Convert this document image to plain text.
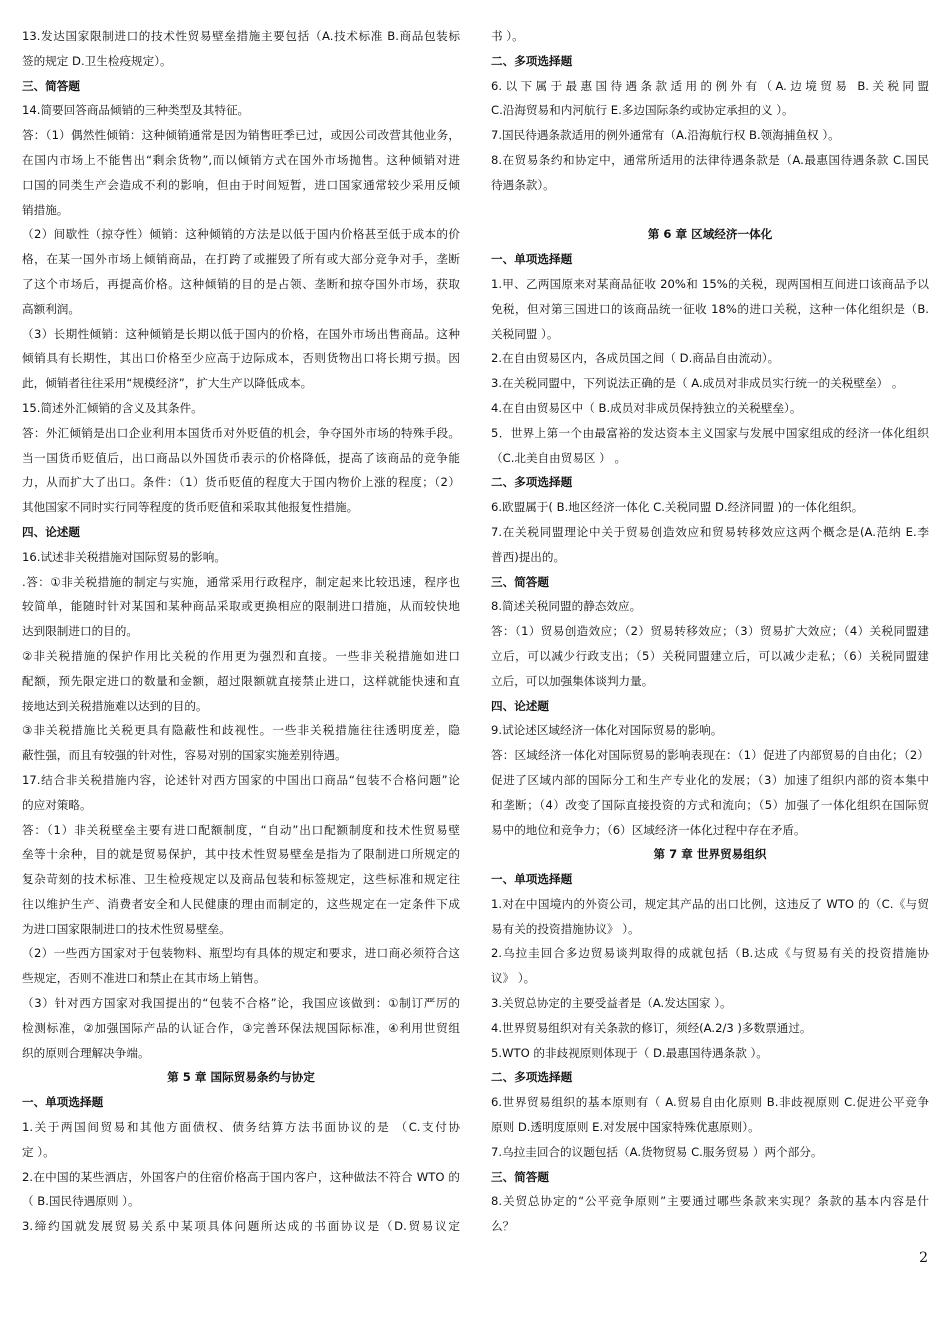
13.发达国家限制进口的技术性贸易壁垒措施主要包括（A.技术标准 B.商品包装标
签的规定 D.卫生检疫规定）。
三、简答题
14.简要回答商品倾销的三种类型及其特征。
答：（1）偶然性倾销：这种倾销通常是因为销售旺季已过，或因公司改营其他业务，
在国内市场上不能售出“剩余货物”,而以倾销方式在国外市场抛售。这种倾销对进
口国的同类生产会造成不利的影响，但由于时间短暂，进口国家通常较少采用反倾
销措施。
（2）间歇性（掠夺性）倾销：这种倾销的方法是以低于国内价格甚至低于成本的价
格，在某一国外市场上倾销商品，在打跨了或摧毁了所有或大部分竞争对手，垄断
了这个市场后，再提高价格。这种倾销的目的是占领、垄断和掠夺国外市场，获取
高额利润。
（3）长期性倾销：这种倾销是长期以低于国内的价格，在国外市场出售商品。这种
倾销具有长期性，其出口价格至少应高于边际成本，否则货物出口将长期亏损。因
此，倾销者往往采用“规模经济”，扩大生产以降低成本。
15.简述外汇倾销的含义及其条件。
答：外汇倾销是出口企业利用本国货币对外贬值的机会，争夺国外市场的特殊手段。
当一国货币贬值后，出口商品以外国货币表示的价格降低，提高了该商品的竞争能
力，从而扩大了出口。条件：（1）货币贬值的程度大于国内物价上涨的程度；（2）
其他国家不同时实行同等程度的货币贬值和采取其他报复性措施。
四、论述题
16.试述非关税措施对国际贸易的影响。
.答：①非关税措施的制定与实施，通常采用行政程序，制定起来比较迅速，程序也
较简单，能随时针对某国和某种商品采取或更换相应的限制进口措施，从而较快地
达到限制进口的目的。
②非关税措施的保护作用比关税的作用更为强烈和直接。一些非关税措施如进口
配额，预先限定进口的数量和金额，超过限额就直接禁止进口，这样就能快速和直
接地达到关税措施难以达到的目的。
③非关税措施比关税更具有隐蔽性和歧视性。一些非关税措施往往透明度差，隐
蔽性强，而且有较强的针对性，容易对别的国家实施差别待遇。
17.结合非关税措施内容，论述针对西方国家的中国出口商品“包装不合格问题”论
的应对策略。
答：（1）非关税壁垒主要有进口配额制度，“自动”出口配额制度和技术性贸易壁
垒等十余种，目的就是贸易保护，其中技术性贸易壁垒是指为了限制进口所规定的
复杂苛刻的技术标准、卫生检疫规定以及商品包装和标签规定，这些标准和规定往
往以维护生产、消费者安全和人民健康的理由而制定的，这些规定在一定条件下成
为进口国家限制进口的技术性贸易壁垒。
（2）一些西方国家对于包装物料、瓶型均有具体的规定和要求，进口商必须符合这
些规定，否则不准进口和禁止在其市场上销售。
（3）针对西方国家对我国提出的“包装不合格”论，我国应该做到：①制订严厉的
检测标准，②加强国际产品的认证合作，③完善环保法规国际标准，④利用世贸组
织的原则合理解决争端。
第 5 章 国际贸易条约与协定
一、单项选择题
1.关于两国间贸易和其他方面债权、债务结算方法书面协议的是 （C.支付协
定 ）。
2.在中国的某些酒店，外国客户的住宿价格高于国内客户，这种做法不符合 WTO 的
（ B.国民待遇原则 ）。
3.缔约国就发展贸易关系中某项具体问题所达成的书面协议是（D.贸易议定
书 ）。
二、多项选择题
6.以下属于最惠国待遇条款适用的例外有（A.边境贸易 B.关税同盟
C.沿海贸易和内河航行 E.多边国际条约或协定承担的义 ）。
7.国民待遇条款适用的例外通常有（A.沿海航行权 B.领海捕鱼权 ）。
8.在贸易条约和协定中，通常所适用的法律待遇条款是（A.最惠国待遇条款 C.国民
待遇条款）。
第 6 章 区域经济一体化
一、单项选择题
1.甲、乙两国原来对某商品征收 20%和 15%的关税，现两国相互间进口该商品予以
免税，但对第三国进口的该商品统一征收 18%的进口关税，这种一体化组织是（B.
关税同盟 ）。
2.在自由贸易区内，各成员国之间（ D.商品自由流动）。
3.在关税同盟中，下列说法正确的是（ A.成员对非成员实行统一的关税壁垒） 。
4.在自由贸易区中（ B.成员对非成员保持独立的关税壁垒）。
5．世界上第一个由最富裕的发达资本主义国家与发展中国家组成的经济一体化组织
（C.北美自由贸易区 ） 。
二、多项选择题
6.欧盟属于( B.地区经济一体化 C.关税同盟 D.经济同盟 )的一体化组织。
7.在关税同盟理论中关于贸易创造效应和贸易转移效应这两个概念是(A.范纳 E.李
普西)提出的。
三、简答题
8.简述关税同盟的静态效应。
答：（1）贸易创造效应；（2）贸易转移效应；（3）贸易扩大效应；（4）关税同盟建
立后，可以减少行政支出；（5）关税同盟建立后，可以减少走私；（6）关税同盟建
立后，可以加强集体谈判力量。
四、论述题
9.试论述区域经济一体化对国际贸易的影响。
答：区域经济一体化对国际贸易的影响表现在：（1）促进了内部贸易的自由化；（2）
促进了区域内部的国际分工和生产专业化的发展；（3）加速了组织内部的资本集中
和垄断；（4）改变了国际直接投资的方式和流向；（5）加强了一体化组织在国际贸
易中的地位和竞争力；（6）区域经济一体化过程中存在矛盾。
第 7 章 世界贸易组织
一、单项选择题
1.对在中国境内的外资公司，规定其产品的出口比例，这违反了 WTO 的（C.《与贸
易有关的投资措施协议》 ）。
2.乌拉圭回合多边贸易谈判取得的成就包括（B.达成《与贸易有关的投资措施协
议》 ）。
3.关贸总协定的主要受益者是（A.发达国家 ）。
4.世界贸易组织对有关条款的修订，须经(A.2/3 )多数票通过。
5.WTO 的非歧视原则体现于（ D.最惠国待遇条款 ）。
二、多项选择题
6.世界贸易组织的基本原则有（ A.贸易自由化原则 B.非歧视原则 C.促进公平竞争
原则 D.透明度原则 E.对发展中国家特殊优惠原则）。
7.乌拉圭回合的议题包括（A.货物贸易 C.服务贸易 ）两个部分。
三、简答题
8.关贸总协定的“公平竞争原则”主要通过哪些条款来实现？条款的基本内容是什
么？
2
